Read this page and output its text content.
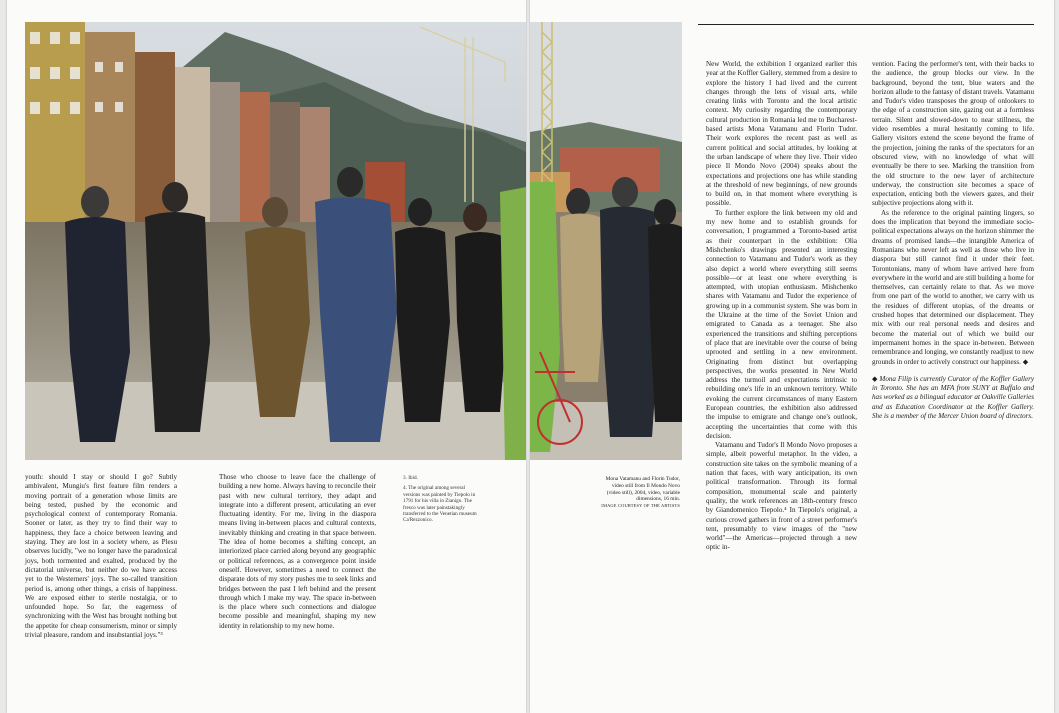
youth: should I stay or should I go? Subtly ambivalent, Mungiu's first feature film renders a moving portrait of a generation whose limits are being tested, pushed by the economic and psychological context of contemporary Romania. Sooner or later, as they try to find their way to happiness, they face a choice between leaving and staying. They are lost in a society where, as Plesu observes lucidly, "we no longer have the paradoxical joys, both tormented and exalted, produced by the dictatorial universe, but neither do we have access yet to the Westerners' joys. The so-called transition period is, among other things, a crisis of happiness. We are exposed either to sterile nostalgia, or to unfounded hope. So far, the eagerness of synchronizing with the West has brought nothing but the appetite for cheap consumerism, minor or simply trivial pleasure, random and insubstantial joys."³

Those who choose to leave face the challenge of building a new home. Always having to reconcile their past with new cultural territory, they adapt and integrate into a different present, articulating an ever fluctuating identity. For me, living in the diaspora means living in-between places and cultural contexts, inevitably thinking and creating in that space between. The idea of home becomes a shifting concept, an interiorized place carried along beyond any geographic or political references, as a convergence point inside oneself. However, sometimes a need to connect the disparate dots of my story pushes me to seek links and bridges between the past I left behind and the present through which I make my way. The space in-between is the place where such connections and dialogue become possible and meaningful, shaping my new identity in relationship to my new home.

3. Ibid.

4. The original among several versions was painted by Tiepolo in 1791 for his villa in Zianigo. The fresco was later painstakingly transferred to the Venetian museum Ca'Rezzonico.

Mona Vatamanu and Florin Tudor,
video still from Il Mondo Novo
(video still), 2004, video, variable
dimensions, 16 min.
IMAGE COURTESY OF THE ARTISTS

New World, the exhibition I organized earlier this year at the Koffler Gallery, stemmed from a desire to explore the history I had lived and the current changes through the lens of visual arts, while creating links with Toronto and the local artistic context. My curiosity regarding the contemporary cultural production in Romania led me to Bucharest-based artists Mona Vatamanu and Florin Tudor. Their work explores the recent past as well as current political and social attitudes, by looking at the urban landscape of where they live. Their video piece Il Mondo Novo (2004) speaks about the expectations and projections one has while standing at the threshold of new beginnings, of new grounds to build on, in that moment where everything is possible.

To further explore the link between my old and my new home and to establish grounds for conversation, I programmed a Toronto-based artist as their counterpart in the exhibition: Olia Mishchenko's drawings presented an interesting connection to Vatamanu and Tudor's work as they also depict a world where everything still seems possible—or at least one where everything is attempted, with utopian enthusiasm. Mishchenko shares with Vatamanu and Tudor the experience of growing up in a communist system. She was born in the Ukraine at the time of the Soviet Union and emigrated to Canada as a teenager. She also experienced the transitions and shifting perceptions of place that are inevitable over the course of being uprooted and settling in a new environment. Originating from distinct but overlapping perspectives, the works presented in New World address the turmoil and expectations intrinsic to rebuilding one's life in an unknown territory. While evoking the current circumstances of many Eastern European countries, the exhibition also addressed the impulse to emigrate and change one's outlook, accepting the uncertainties that come with this decision.

Vatamanu and Tudor's Il Mondo Novo proposes a simple, albeit powerful metaphor. In the video, a construction site takes on the symbolic meaning of a nation that faces, with wary anticipation, its own political transformation. Through its formal composition, monumental scale and painterly quality, the work references an 18th-century fresco by Giandomenico Tiepolo.⁴ In Tiepolo's original, a curious crowd gathers in front of a street performer's tent, presumably to view images of the "new world"—the Americas—projected through a new optic in-

vention. Facing the performer's tent, with their backs to the audience, the group blocks our view. In the background, beyond the tent, blue waters and the horizon allude to the fantasy of distant travels. Vatamanu and Tudor's video transposes the group of onlookers to the edge of a construction site, gazing out at a formless terrain. Silent and slowed-down to near stillness, the video resembles a mural hesitantly coming to life. Gallery visitors extend the scene beyond the frame of the projection, joining the ranks of the spectators for an obscured view, with no knowledge of what will eventually be there to see. Marking the transition from the old structure to the new layer of architecture underway, the construction site becomes a space of expectation, enticing both the viewers gazes, and their subjective projections along with it.

As the reference to the original painting lingers, so does the implication that beyond the immediate socio-political expectations always on the horizon shimmer the dreams of promised lands—the intangible America of Romanians who never left as well as those who live in diaspora but still cannot find it under their feet. Torontonians, many of whom have arrived here from everywhere in the world and are still building a home for themselves, can certainly relate to that. As we move from one part of the world to another, we carry with us the residues of different utopias, of the dreams or crushed hopes that determined our displacement. They mix with our real personal needs and desires and become the material out of which we build our impermanent homes in the space in-between. Between remembrance and longing, we constantly readjust to new grounds in order to actively construct our happiness. ◆

◆ Mona Filip is currently Curator of the Koffler Gallery in Toronto. She has an MFA from SUNY at Buffalo and has worked as a bilingual educator at Oakville Galleries and as Education Coordinator at the Koffler Gallery. She is a member of the Mercer Union board of directors.
